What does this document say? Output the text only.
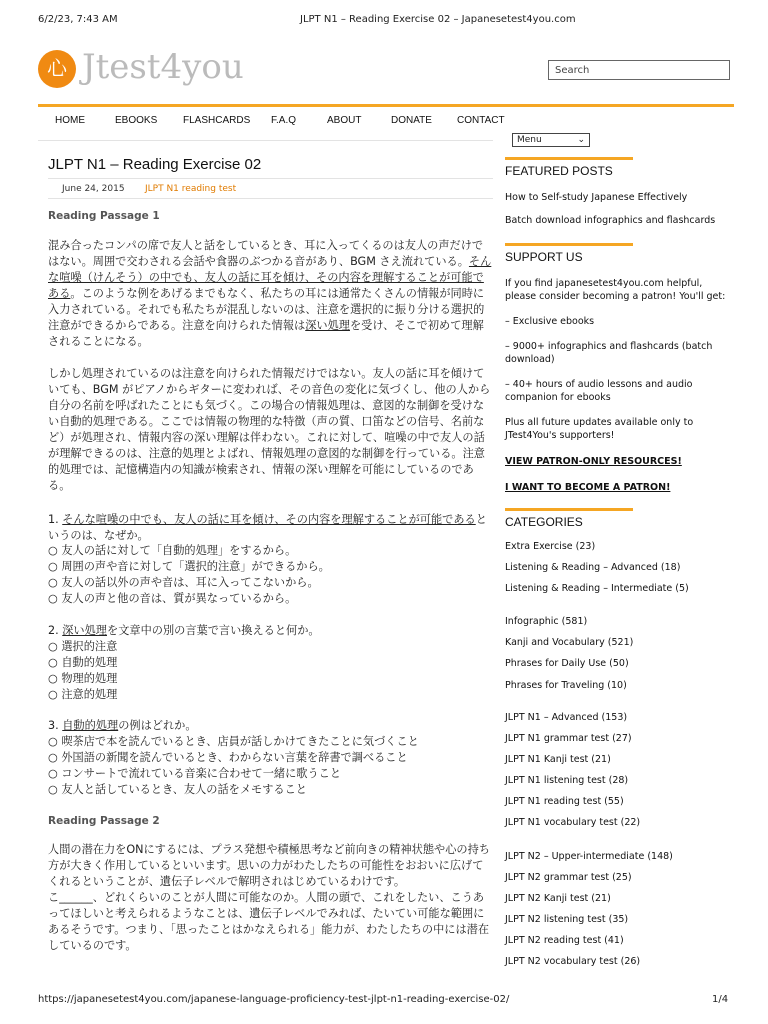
6/2/23, 7:43 AM	JLPT N1 – Reading Exercise 02 – Japanesetest4you.com
心 Jtest4you	Search
HOME	EBOOKS	FLASHCARDS F.A.Q	ABOUT	DONATE	CONTACT
Menu	⌄
JLPT N1 – Reading Exercise 02
June 24, 2015 JLPT N1 reading test
Reading Passage 1
混み合ったコンパの席で友人と話をしているとき、耳に入ってくるのは友人の声だけではない。周囲で交わされる会話や食器のぶつかる音があり、BGM さえ流れている。そんな喧噪（けんそう）の中でも、友人の話に耳を傾け、その内容を理解することが可能である。このような例をあげるまでもなく、私たちの耳には通常たくさんの情報が同時に入力されている。それでも私たちが混乱しないのは、注意を選択的に振り分ける選択的注意ができるからである。注意を向けられた情報は深い処理を受け、そこで初めて理解されることになる。
しかし処理されているのは注意を向けられた情報だけではない。友人の話に耳を傾けていても、BGM がピアノからギターに変われば、その音色の変化に気づくし、他の人から自分の名前を呼ばれたことにも気づく。この場合の情報処理は、意図的な制御を受けない自動的処理である。ここでは情報の物理的な特徴（声の質、口笛などの信号、名前など）が処理され、情報内容の深い理解は伴わない。これに対して、喧噪の中で友人の話が理解できるのは、注意的処理とよばれ、情報処理の意図的な制御を行っている。注意的処理では、記憶構造内の知識が検索され、情報の深い理解を可能にしているのである。
1. そんな喧噪の中でも、友人の話に耳を傾け、その内容を理解することが可能であるというのは、なぜか。
○ 友人の話に対して「自動的処理」をするから。
○ 周囲の声や音に対して「選択的注意」ができるから。
○ 友人の話以外の声や音は、耳に入ってこないから。
○ 友人の声と他の音は、質が異なっているから。
2. 深い処理を文章中の別の言葉で言い換えると何か。
○ 選択的注意
○ 自動的処理
○ 物理的処理
○ 注意的処理
3. 自動的処理の例はどれか。
○ 喫茶店で本を読んでいるとき、店員が話しかけてきたことに気づくこと
○ 外国語の新聞を読んでいるとき、わからない言葉を辞書で調べること
○ コンサートで流れている音楽に合わせて一緒に歌うこと
○ 友人と話しているとき、友人の話をメモすること
Reading Passage 2
人間の潜在力をONにするには、プラス発想や積極思考など前向きの精神状態や心の持ち方が大きく作用しているといいます。思いの力がわたしたちの可能性をおおいに広げてくれるということが、遺伝子レベルで解明されはじめているわけです。
こ______、どれくらいのことが人間に可能なのか。人間の頭で、これをしたい、こうあってほしいと考えられるようなことは、遺伝子レベルでみれば、たいてい可能な範囲にあるそうです。つまり、「思ったことはかなえられる」能力が、わたしたちの中には潜在しているのです。
FEATURED POSTS
How to Self-study Japanese Effectively
Batch download infographics and flashcards
SUPPORT US
If you find japanesetest4you.com helpful, please consider becoming a patron! You'll get:
– Exclusive ebooks
– 9000+ infographics and flashcards (batch download)
– 40+ hours of audio lessons and audio companion for ebooks
Plus all future updates available only to JTest4You's supporters!
VIEW PATRON-ONLY RESOURCES!
I WANT TO BECOME A PATRON!
CATEGORIES
Extra Exercise (23)
Listening & Reading – Advanced (18)
Listening & Reading – Intermediate (5)
Infographic (581)
Kanji and Vocabulary (521)
Phrases for Daily Use (50)
Phrases for Traveling (10)
JLPT N1 – Advanced (153)
JLPT N1 grammar test (27)
JLPT N1 Kanji test (21)
JLPT N1 listening test (28)
JLPT N1 reading test (55)
JLPT N1 vocabulary test (22)
JLPT N2 – Upper-intermediate (148)
JLPT N2 grammar test (25)
JLPT N2 Kanji test (21)
JLPT N2 listening test (35)
JLPT N2 reading test (41)
JLPT N2 vocabulary test (26)
https://japanesetest4you.com/japanese-language-proficiency-test-jlpt-n1-reading-exercise-02/	1/4
